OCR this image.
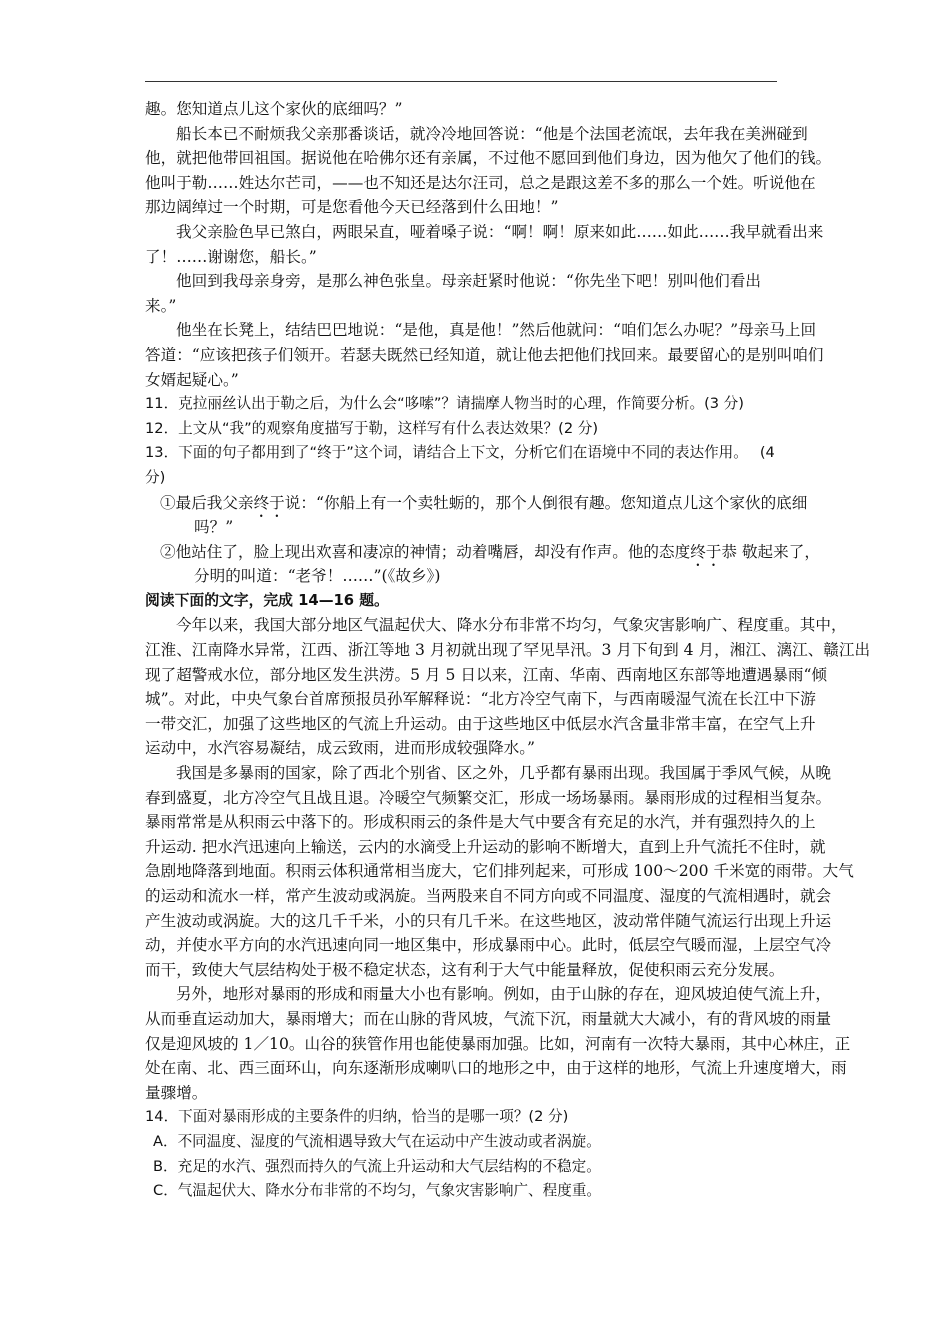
趣。您知道点儿这个家伙的底细吗？”
船长本已不耐烦我父亲那番谈话，就冷冷地回答说：“他是个法国老流氓，去年我在美洲碰到
他，就把他带回祖国。据说他在哈佛尔还有亲属，不过他不愿回到他们身边，因为他欠了他们的钱。
他叫于勒……姓达尔芒司，——也不知还是达尔汪司，总之是跟这差不多的那么一个姓。听说他在
那边阔绰过一个时期，可是您看他今天已经落到什么田地！”
我父亲脸色早已煞白，两眼呆直，哑着嗓子说：“啊！啊！原来如此……如此……我早就看出来
了！……谢谢您，船长。”
他回到我母亲身旁，是那么神色张皇。母亲赶紧时他说：“你先坐下吧！别叫他们看出
来。”
他坐在长凳上，结结巴巴地说：“是他，真是他！”然后他就问：“咱们怎么办呢？”母亲马上回
答道：“应该把孩子们领开。若瑟夫既然已经知道，就让他去把他们找回来。最要留心的是别叫咱们
女婿起疑心。”
11．克拉丽丝认出于勒之后，为什么会“哆嗦”？请揣摩人物当时的心理，作简要分析。(3 分)
12．上文从“我”的观察角度描写于勒，这样写有什么表达效果？(2 分)
13．下面的句子都用到了“终于”这个词，请结合上下文，分析它们在语境中不同的表达作用。 (4
分)
①最后我父亲终于说：“你船上有一个卖牡蛎的，那个人倒很有趣。您知道点儿这个家伙的底细
吗？”
②他站住了，脸上现出欢喜和凄凉的神情；动着嘴唇，却没有作声。他的态度终于恭 敬起来了，
分明的叫道：“老爷！……”(《故乡》)
阅读下面的文字，完成 14—16 题。
今年以来，我国大部分地区气温起伏大、降水分布非常不均匀，气象灾害影响广、程度重。其中，
江淮、江南降水异常，江西、浙江等地 3 月初就出现了罕见旱汛。3 月下旬到 4 月，湘江、漓江、赣江出
现了超警戒水位，部分地区发生洪涝。5 月 5 日以来，江南、华南、西南地区东部等地遭遇暴雨“倾
城”。对此，中央气象台首席预报员孙军解释说：“北方冷空气南下，与西南暖湿气流在长江中下游
一带交汇，加强了这些地区的气流上升运动。由于这些地区中低层水汽含量非常丰富，在空气上升
运动中，水汽容易凝结，成云致雨，进而形成较强降水。”
我国是多暴雨的国家，除了西北个别省、区之外，几乎都有暴雨出现。我国属于季风气候，从晚
春到盛夏，北方冷空气且战且退。冷暖空气频繁交汇，形成一场场暴雨。暴雨形成的过程相当复杂。
暴雨常常是从积雨云中落下的。形成积雨云的条件是大气中要含有充足的水汽，并有强烈持久的上
升运动. 把水汽迅速向上输送，云内的水滴受上升运动的影响不断增大，直到上升气流托不住时，就
急剧地降落到地面。积雨云体积通常相当庞大，它们排列起来，可形成 100～200 千米宽的雨带。大气
的运动和流水一样，常产生波动或涡旋。当两股来自不同方向或不同温度、湿度的气流相遇时，就会
产生波动或涡旋。大的这几千千米，小的只有几千米。在这些地区，波动常伴随气流运行出现上升运
动，并使水平方向的水汽迅速向同一地区集中，形成暴雨中心。此时，低层空气暖而湿，上层空气冷
而干，致使大气层结构处于极不稳定状态，这有利于大气中能量释放，促使积雨云充分发展。
另外，地形对暴雨的形成和雨量大小也有影响。例如，由于山脉的存在，迎风坡迫使气流上升，
从而垂直运动加大，暴雨增大；而在山脉的背风坡，气流下沉，雨量就大大减小，有的背风坡的雨量
仅是迎风坡的 1／10。山谷的狭管作用也能使暴雨加强。比如，河南有一次特大暴雨，其中心林庄，正
处在南、北、西三面环山，向东逐渐形成喇叭口的地形之中，由于这样的地形，气流上升速度增大，雨
量骤增。
14．下面对暴雨形成的主要条件的归纳，恰当的是哪一项？(2 分)
A．不同温度、湿度的气流相遇导致大气在运动中产生波动或者涡旋。
B．充足的水汽、强烈而持久的气流上升运动和大气层结构的不稳定。
C．气温起伏大、降水分布非常的不均匀，气象灾害影响广、程度重。
